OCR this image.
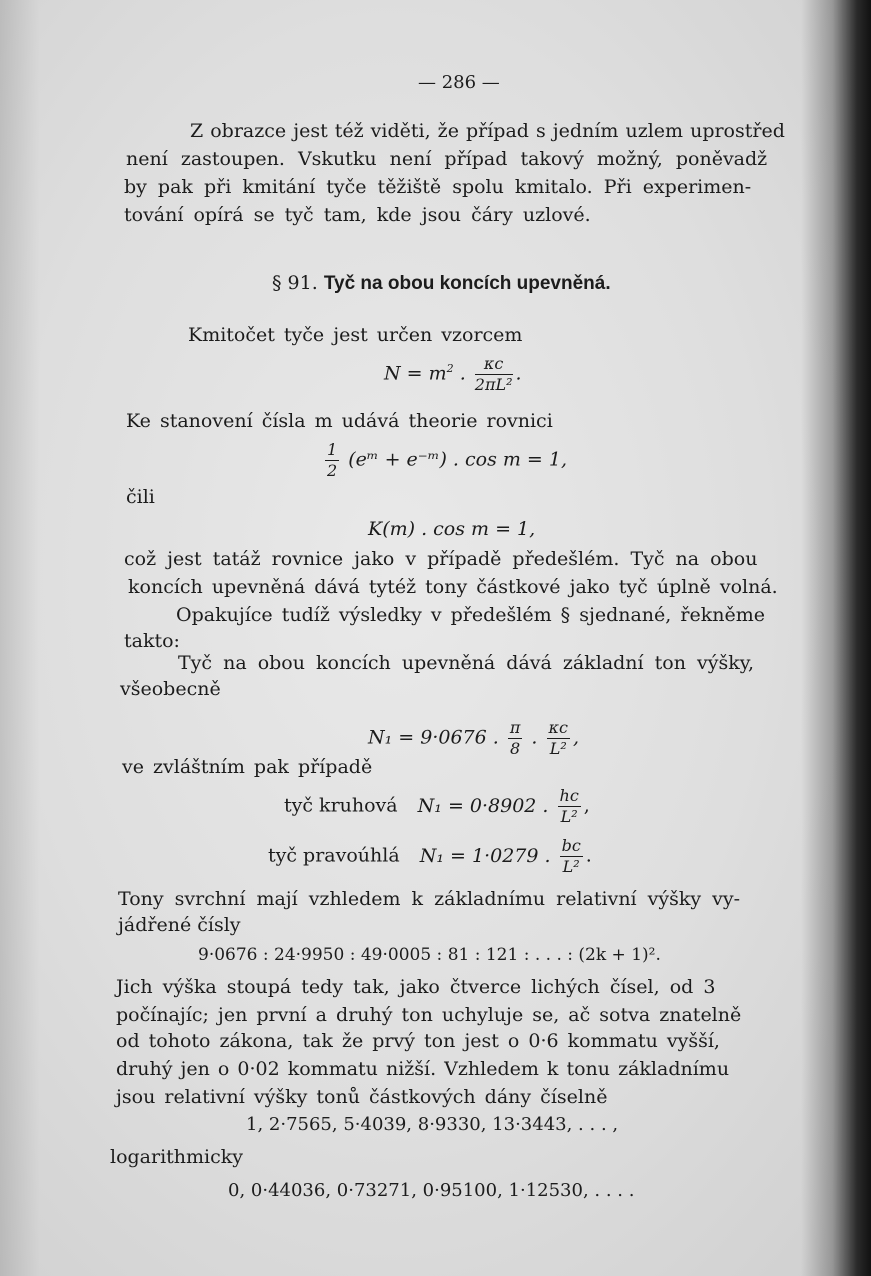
— 286 —
Z obrazce jest též viděti, že případ s jedním uzlem uprostřed
není zastoupen. Vskutku není případ takový možný, poněvadž
by pak při kmitání tyče těžiště spolu kmitalo. Při experimen-
tování opírá se tyč tam, kde jsou čáry uzlové.
§ 91. Tyč na obou koncích upevněná.
Kmitočet tyče jest určen vzorcem
$N = m^2$ . $\frac{\kappa c}{\text{2πL²}}$ .
Ke stanovení čísla m udává theorie rovnici
$\frac{1}{2}$ (eᵐ + e⁻ᵐ) . cos m = 1,
čili
K(m) . cos m = 1,
což jest tatáž rovnice jako v případě předešlém. Tyč na obou
koncích upevněná dává tytéž tony částkové jako tyč úplně volná.
Opakujíce tudíž výsledky v předešlém § sjednané, řekněme
takto:
Tyč na obou koncích upevněná dává základní ton výšky,
všeobecně
N₁ = 9·0676 . $\frac{\pi}{8}$ . $\frac{\kappa c}{\text{L²}}$ ,
ve zvláštním pak případě
tyč kruhová N₁ = 0·8902 . $\frac{hc}{\text{L²}}$ ,
tyč pravoúhlá N₁ = 1·0279 . $\frac{bc}{\text{L²}}$ .
Tony svrchní mají vzhledem k základnímu relativní výšky vy-
jádřené čísly
9·0676 : 24·9950 : 49·0005 : 81 : 121 : . . . : (2k + 1)².
Jich výška stoupá tedy tak, jako čtverce lichých čísel, od 3
počínajíc; jen první a druhý ton uchyluje se, ač sotva znatelně
od tohoto zákona, tak že prvý ton jest o 0·6 kommatu vyšší,
druhý jen o 0·02 kommatu nižší. Vzhledem k tonu základnímu
jsou relativní výšky tonů částkových dány číselně
1, 2·7565, 5·4039, 8·9330, 13·3443, . . . ,
logarithmicky
0, 0·44036, 0·73271, 0·95100, 1·12530, . . . .
